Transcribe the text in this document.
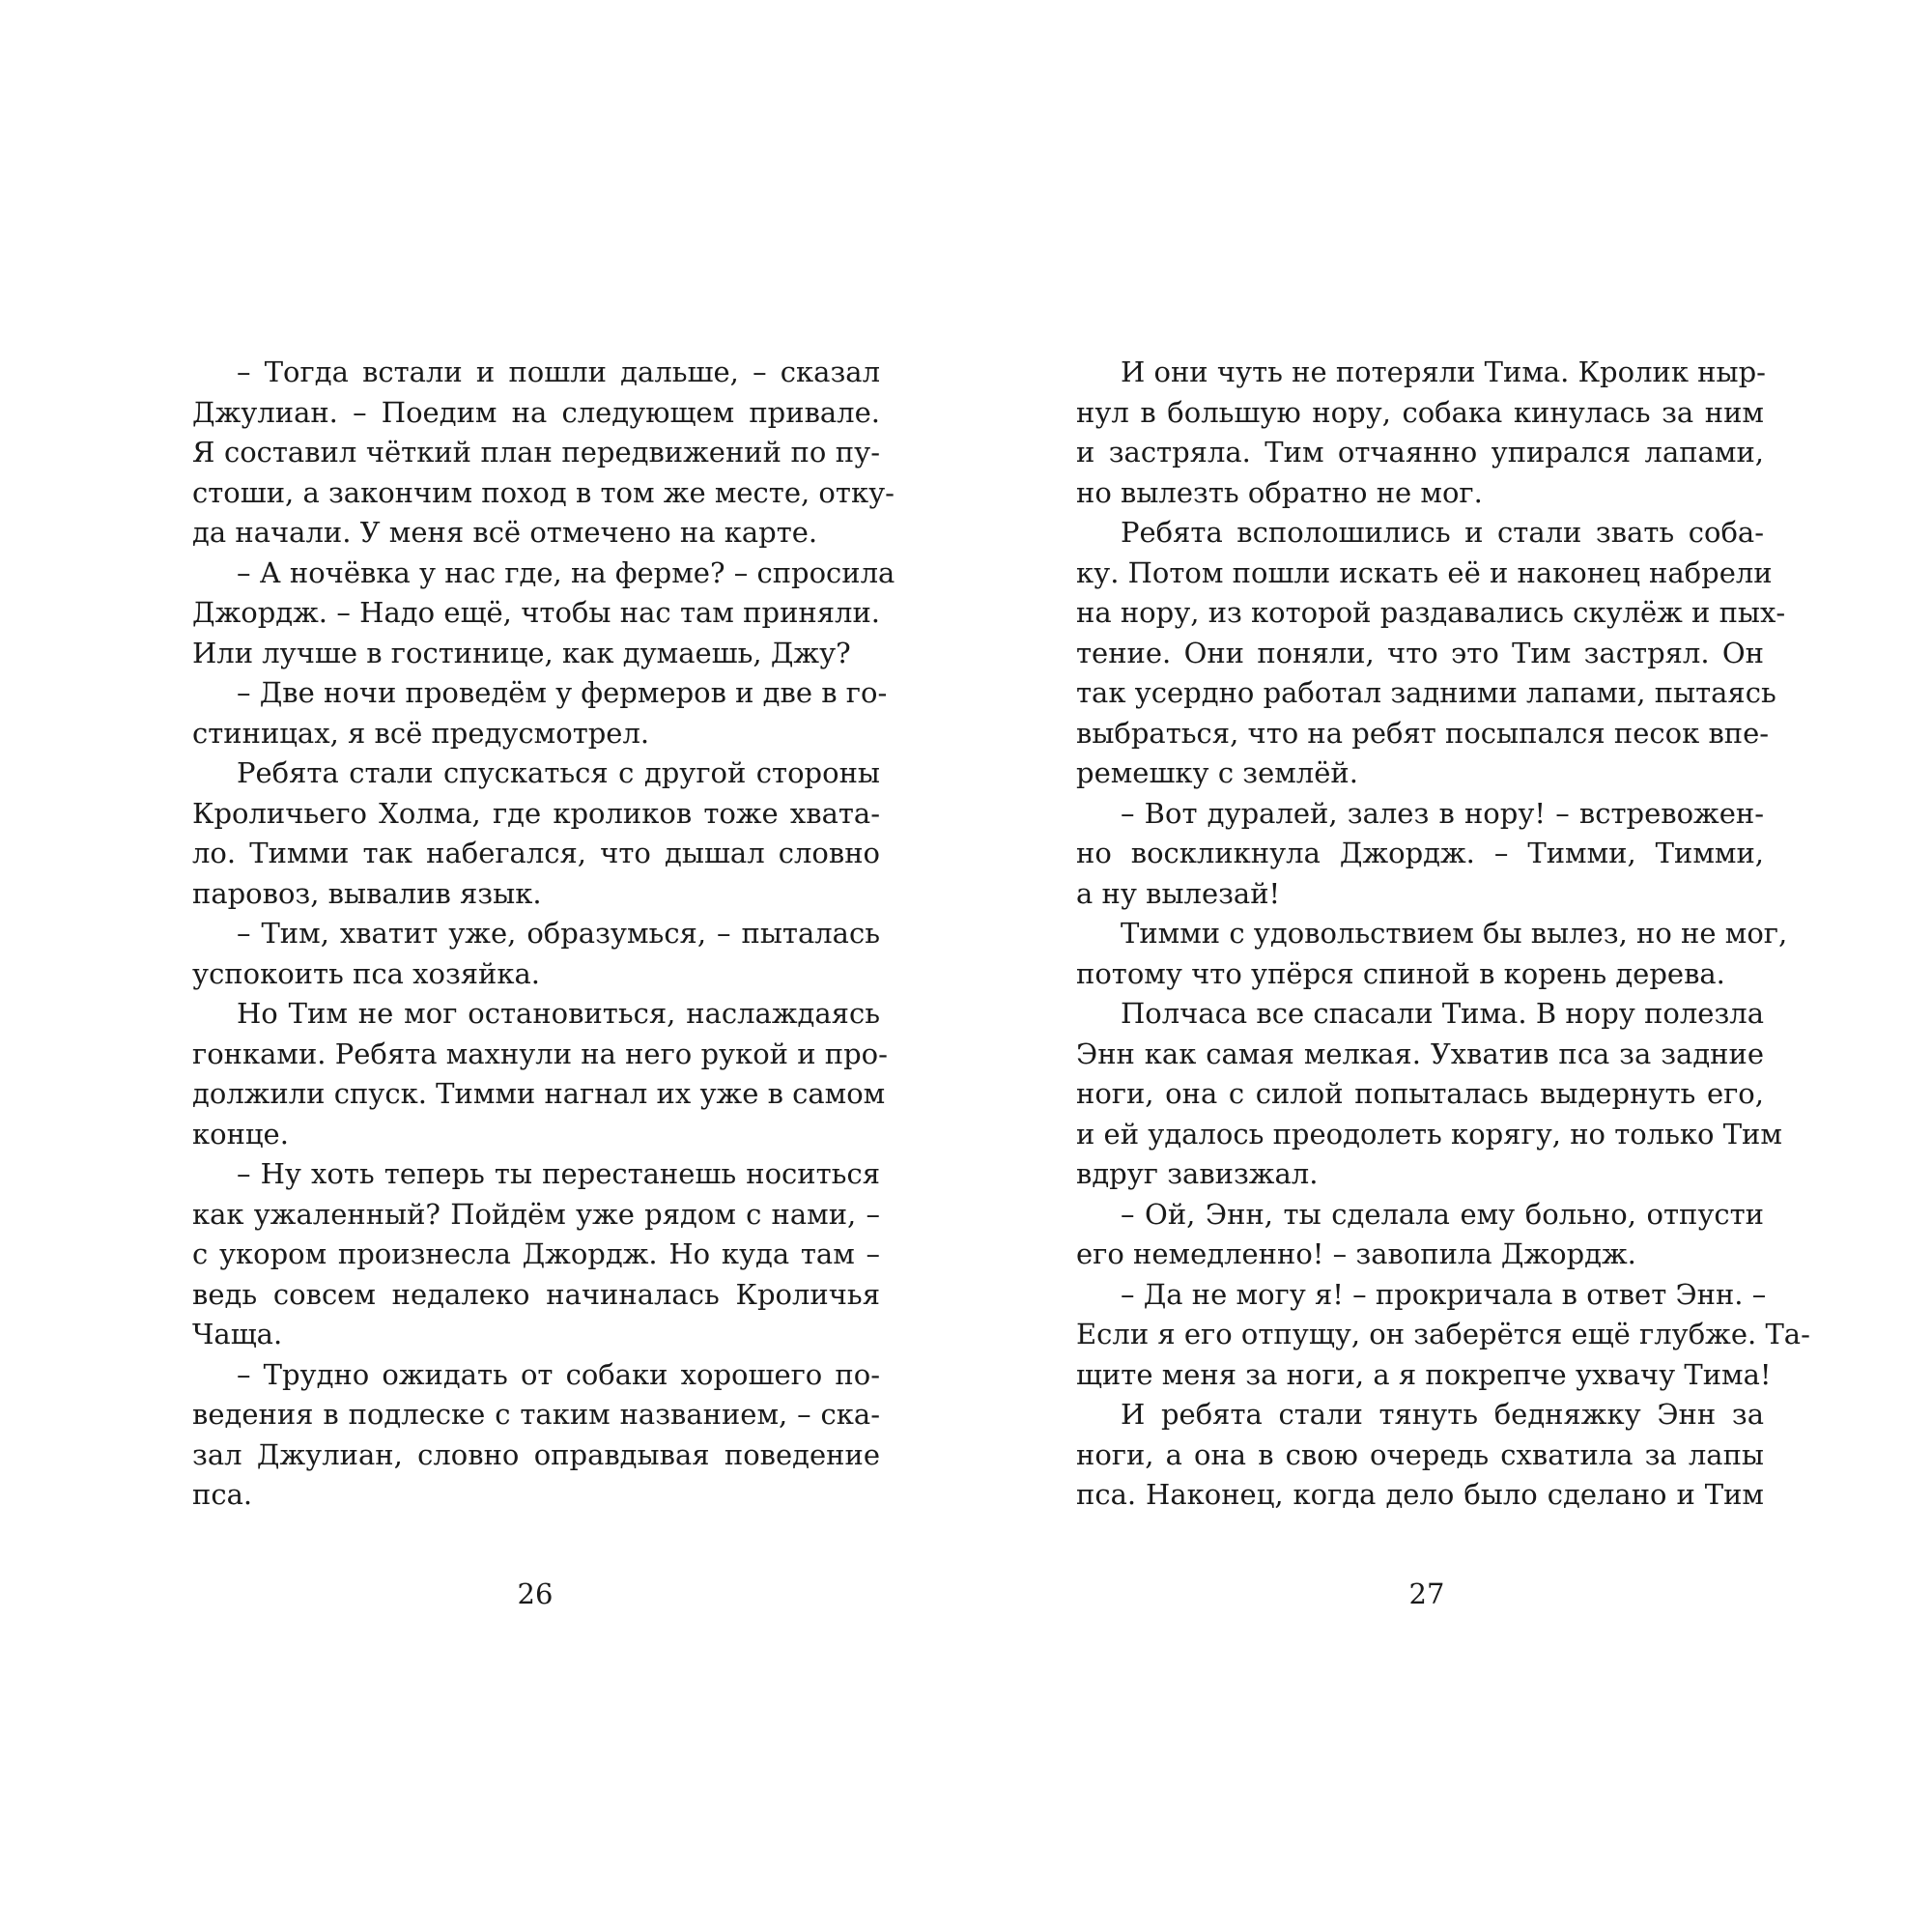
– Тогда встали и пошли дальше, – сказал
Джулиан. – Поедим на следующем привале.
Я составил чёткий план передвижений по пу-
стоши, а закончим поход в том же месте, отку-
да начали. У меня всё отмечено на карте.
– А ночёвка у нас где, на ферме? – спросила
Джордж. – Надо ещё, чтобы нас там приняли.
Или лучше в гостинице, как думаешь, Джу?
– Две ночи проведём у фермеров и две в го-
стиницах, я всё предусмотрел.
Ребята стали спускаться с другой стороны
Кроличьего Холма, где кроликов тоже хвата-
ло. Тимми так набегался, что дышал словно
паровоз, вывалив язык.
– Тим, хватит уже, образумься, – пыталась
успокоить пса хозяйка.
Но Тим не мог остановиться, наслаждаясь
гонками. Ребята махнули на него рукой и про-
должили спуск. Тимми нагнал их уже в самом
конце.
– Ну хоть теперь ты перестанешь носиться
как ужаленный? Пойдём уже рядом с нами, –
с укором произнесла Джордж. Но куда там –
ведь совсем недалеко начиналась Кроличья
Чаща.
– Трудно ожидать от собаки хорошего по-
ведения в подлеске с таким названием, – ска-
зал Джулиан, словно оправдывая поведение
пса.
26
И они чуть не потеряли Тима. Кролик ныр-
нул в большую нору, собака кинулась за ним
и застряла. Тим отчаянно упирался лапами,
но вылезть обратно не мог.
Ребята всполошились и стали звать соба-
ку. Потом пошли искать её и наконец набрели
на нору, из которой раздавались скулёж и пых-
тение. Они поняли, что это Тим застрял. Он
так усердно работал задними лапами, пытаясь
выбраться, что на ребят посыпался песок впе-
ремешку с землёй.
– Вот дуралей, залез в нору! – встревожен-
но воскликнула Джордж. – Тимми, Тимми,
а ну вылезай!
Тимми с удовольствием бы вылез, но не мог,
потому что упёрся спиной в корень дерева.
Полчаса все спасали Тима. В нору полезла
Энн как самая мелкая. Ухватив пса за задние
ноги, она с силой попыталась выдернуть его,
и ей удалось преодолеть корягу, но только Тим
вдруг завизжал.
– Ой, Энн, ты сделала ему больно, отпусти
его немедленно! – завопила Джордж.
– Да не могу я! – прокричала в ответ Энн. –
Если я его отпущу, он заберётся ещё глубже. Та-
щите меня за ноги, а я покрепче ухвачу Тима!
И ребята стали тянуть бедняжку Энн за
ноги, а она в свою очередь схватила за лапы
пса. Наконец, когда дело было сделано и Тим
27
